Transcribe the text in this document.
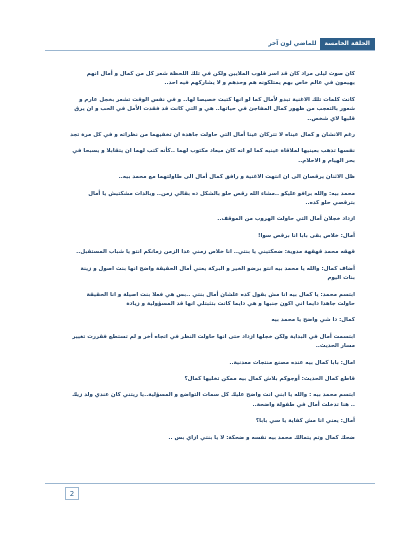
الحلقة الخامسة
للماضي لون آخر

كان صوت ليلى مراد كان قد اسر قلوب الملايين ولكن في تلك اللحظة شعر كل من كمال و أمال انهم يهيمون في عالم خاص بهم يمتلكونه هم وحدهم و لا يشاركهم فيه احد..

كانت كلمات تلك الاغنية تبدو لأمال كما لو انها كتبت خصيصا لها.. و في نفس الوقت تشعر بخجل عارم و شعور بالتعجب من ظهور كمال المفاجئ في حياتها.. هي و التي كانت قد فقدت الأمل في الحب و ان يرق قلبها لاي شخص..

رغم الانشان و كمال عيناه لا تتركان عينا أمال التي حاولت جاهدة ان تخفيهما من نظراته و في كل مرة تجد

نفسها تذهب بعينيها لملاقاة عينيه كما لو انه كان ميعاد مكتوب لهما ..كأنه كتب لهما ان يتقابلا و يسبحا في بحر الهيام و الاحلام..

ظل الاثنان يرقصان الى ان انتهت الاغنية و رافق كمال أمال الى طاولتهما مع محمد بيه..

محمد بيه: والله برافو عليكو ..مشاء الله رقص حلو بالشكل ده بقالي زمن.. وبالذات مشكتيش يا أمال بترقصي حلو كده..

ازداد خجلان أمال التي حاولت الهروب من الموقف..

أمال: خلاص بقى بابا انا برقص سوا!

قهقه محمد قهقهة مدوية: ضحكتيني يا بنتي.. انا خلاص زمني عدا الزمن زمانكم انتو يا شباب المستقبل..

أضاف كمال: والله يا محمد بيه انتو برضو الخير و البركة يعني أمال الحقيقة واضح انها بنت اصول و زينة بنات اليوم

ابتسم محمد: يا كمال بيه انا مش بقول كده علشان أمال بنتي ..بس هي فعلا بنت اصيلة و انا الحقيقة حاولت جاهدا دايما اني اكون جنبها و هي دايما كانت بتثبتلي انها قد المسؤولية و زيادة

كمال: دا شي واضح يا محمد بيه

ابتسمت أمال في البداية ولكن خجلها ازداد حتى انها حاولت النظر في اتجاه أخر و لم تستطع فقررت تغيير مسار الحديث..

امال: بابا كمال بيه عنده مصنع منتجات معدنية..

قاطع كمال الحديث: أوجوكم بلاش كمال بيه ممكن تخليها كمال؟

ابتسم محمد بيه : والله يا ابني انت واضح عليك كل سمات التواضع و المسؤلية..يا ريتني كان عندي ولد زيك .. هنا تدخلت أمال في طفولة واضحة..

أمال: يعني انا مش كفاية يا سي بابا؟

ضحك كمال وتم يتمالك محمد بيه نفسه و ضحكة: لا يا بنتي ازاي بس ..

2
